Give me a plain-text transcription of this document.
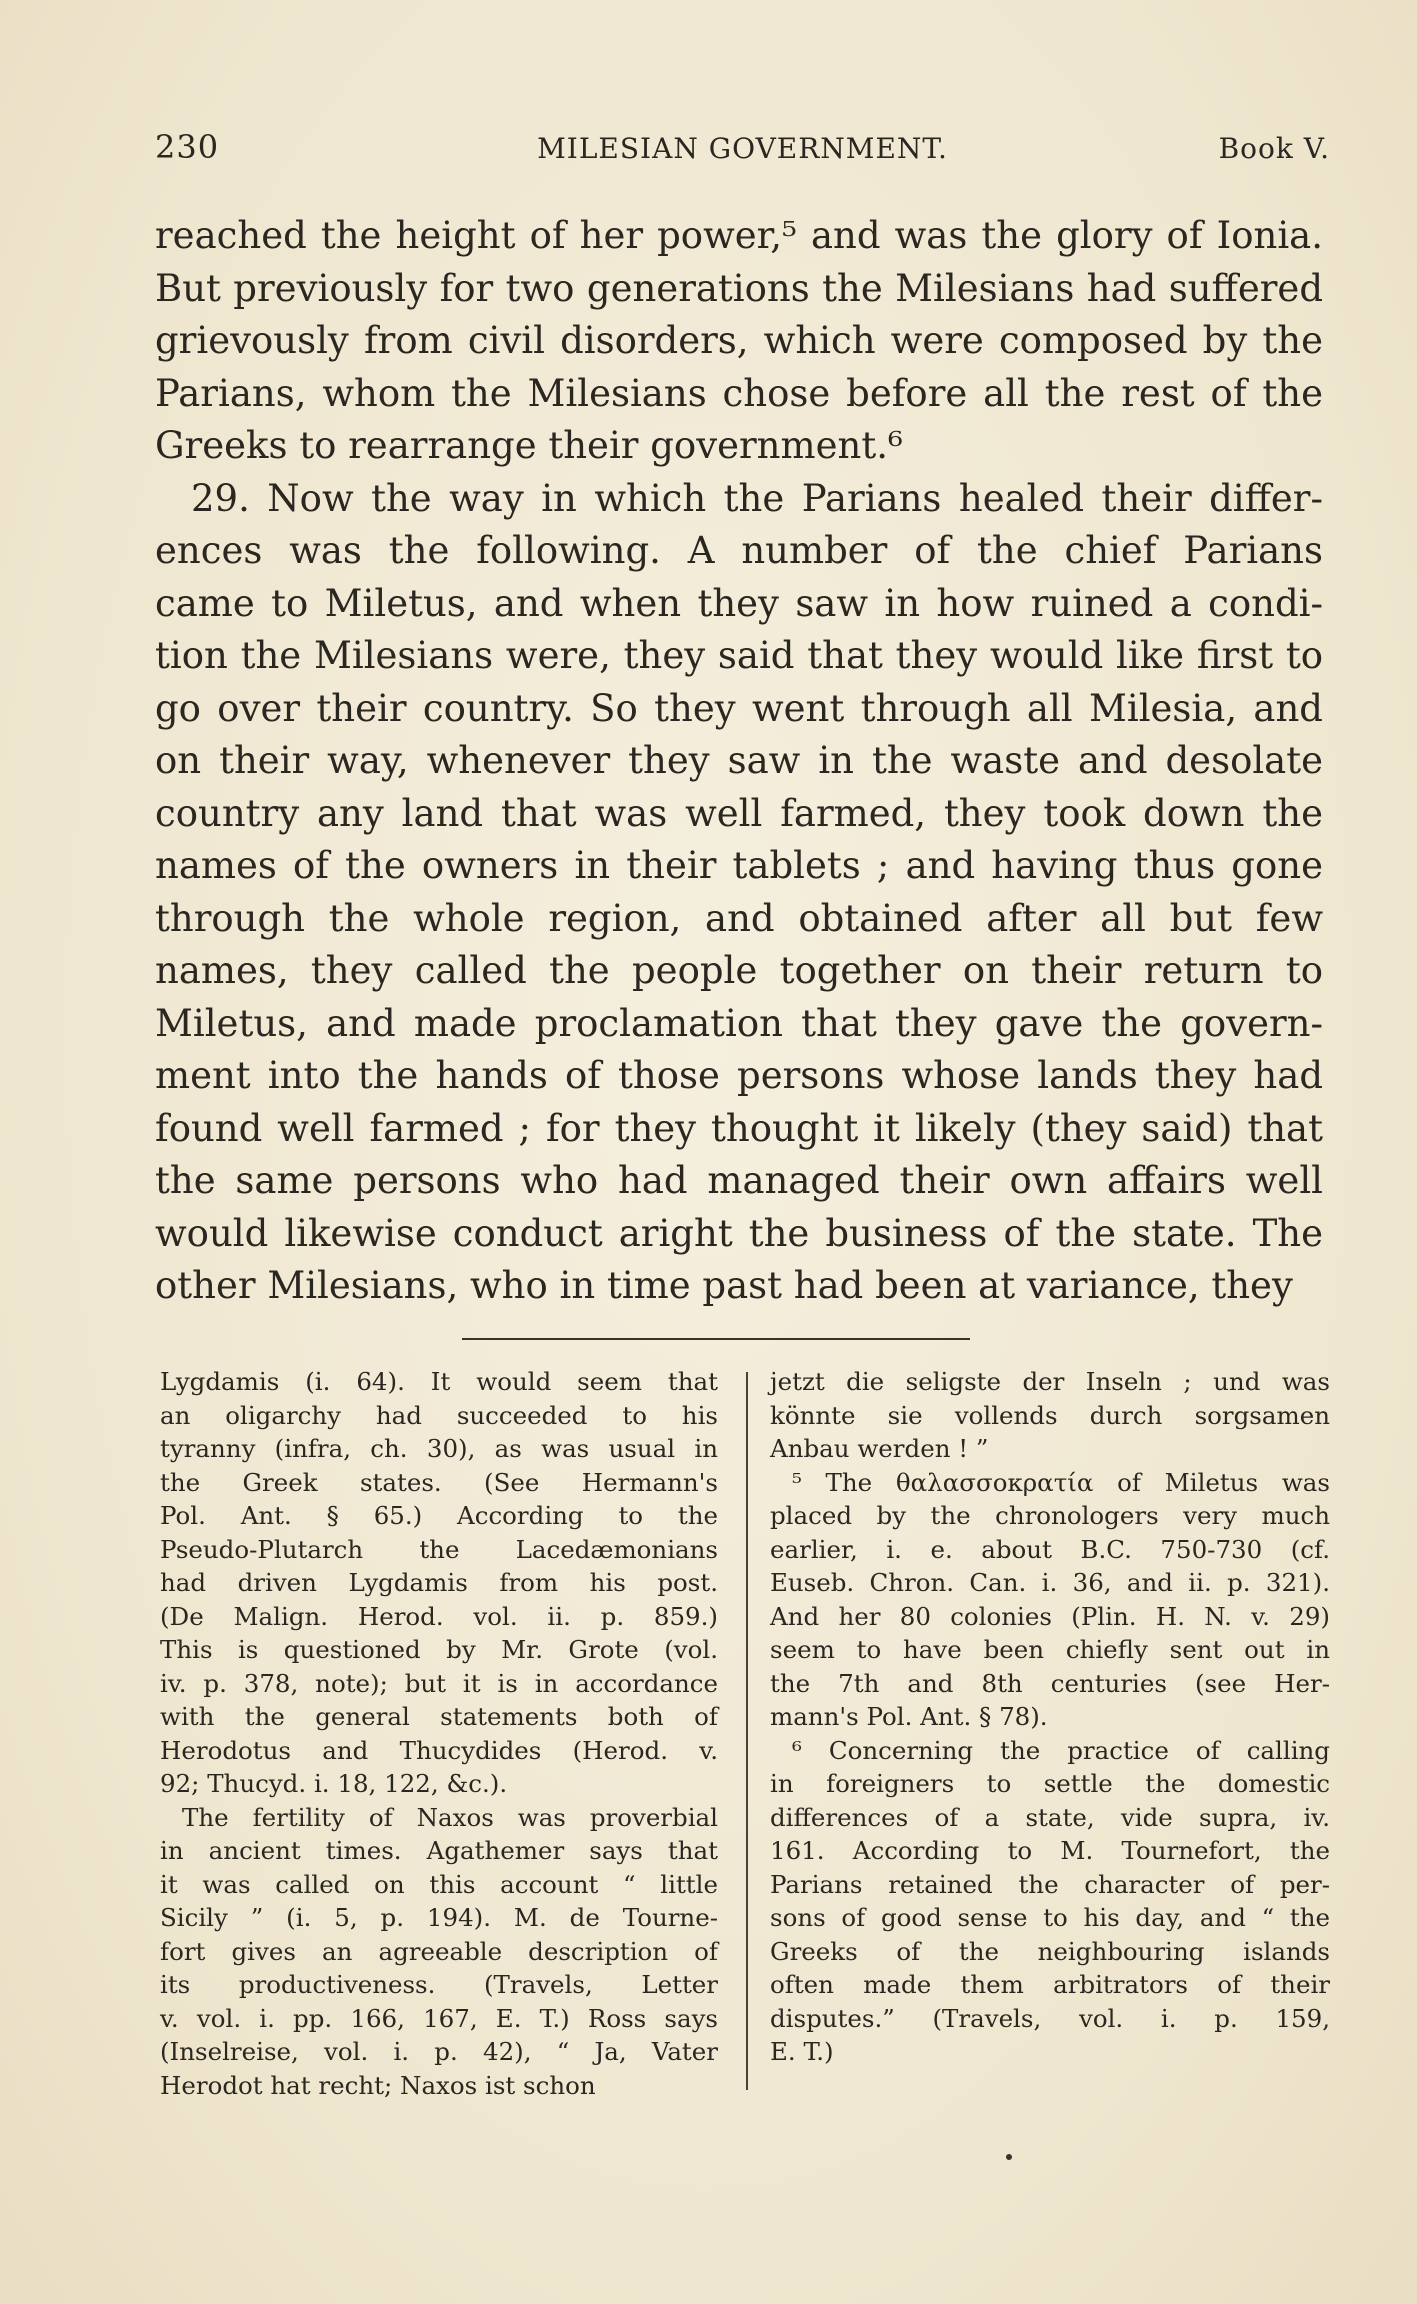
230	MILESIAN GOVERNMENT.	Book V.
reached the height of her power,⁵ and was the glory of Ionia.
But previously for two generations the Milesians had suffered
grievously from civil disorders, which were composed by the
Parians, whom the Milesians chose before all the rest of the
Greeks to rearrange their government.⁶
29. Now the way in which the Parians healed their differ-
ences was the following. A number of the chief Parians
came to Miletus, and when they saw in how ruined a condi-
tion the Milesians were, they said that they would like first to
go over their country. So they went through all Milesia, and
on their way, whenever they saw in the waste and desolate
country any land that was well farmed, they took down the
names of the owners in their tablets ; and having thus gone
through the whole region, and obtained after all but few
names, they called the people together on their return to
Miletus, and made proclamation that they gave the govern-
ment into the hands of those persons whose lands they had
found well farmed ; for they thought it likely (they said) that
the same persons who had managed their own affairs well
would likewise conduct aright the business of the state. The
other Milesians, who in time past had been at variance, they
Lygdamis (i. 64). It would seem that
an oligarchy had succeeded to his
tyranny (infra, ch. 30), as was usual in
the Greek states. (See Hermann's
Pol. Ant. § 65.) According to the
Pseudo-Plutarch the Lacedæmonians
had driven Lygdamis from his post.
(De Malign. Herod. vol. ii. p. 859.)
This is questioned by Mr. Grote (vol.
iv. p. 378, note); but it is in accordance
with the general statements both of
Herodotus and Thucydides (Herod. v.
92; Thucyd. i. 18, 122, &c.).
The fertility of Naxos was proverbial
in ancient times. Agathemer says that
it was called on this account “ little
Sicily ” (i. 5, p. 194). M. de Tourne-
fort gives an agreeable description of
its productiveness. (Travels, Letter
v. vol. i. pp. 166, 167, E. T.) Ross says
(Inselreise, vol. i. p. 42), “ Ja, Vater
Herodot hat recht; Naxos ist schon
jetzt die seligste der Inseln ; und was
könnte sie vollends durch sorgsamen
Anbau werden ! ”
⁵ The θαλασσοκρατία of Miletus was
placed by the chronologers very much
earlier, i. e. about B.C. 750-730 (cf.
Euseb. Chron. Can. i. 36, and ii. p. 321).
And her 80 colonies (Plin. H. N. v. 29)
seem to have been chiefly sent out in
the 7th and 8th centuries (see Her-
mann's Pol. Ant. § 78).
⁶ Concerning the practice of calling
in foreigners to settle the domestic
differences of a state, vide supra, iv.
161. According to M. Tournefort, the
Parians retained the character of per-
sons of good sense to his day, and “ the
Greeks of the neighbouring islands
often made them arbitrators of their
disputes.” (Travels, vol. i. p. 159,
E. T.)
